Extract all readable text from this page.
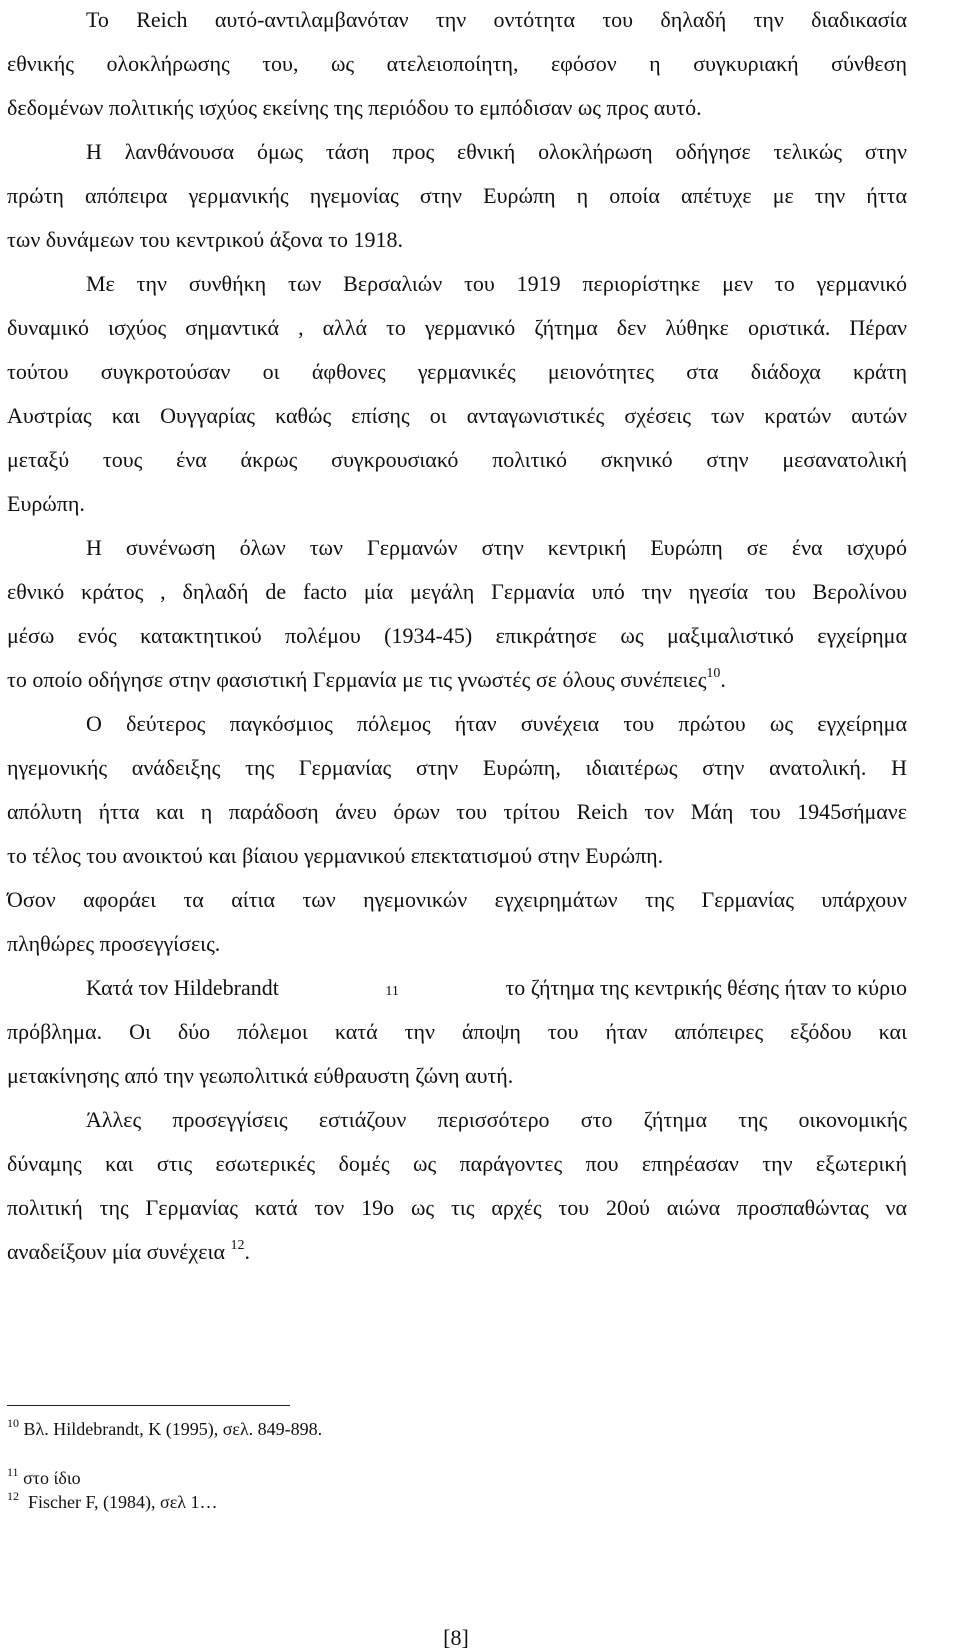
Το Reich αυτό-αντιλαμβανόταν την οντότητα του δηλαδή την διαδικασία
εθνικής ολοκλήρωσης του, ως ατελειοποίητη, εφόσον η συγκυριακή σύνθεση
δεδομένων πολιτικής ισχύος εκείνης της περιόδου το εμπόδισαν ως προς αυτό.
Η λανθάνουσα όμως τάση προς εθνική ολοκλήρωση οδήγησε τελικώς στην
πρώτη απόπειρα γερμανικής ηγεμονίας στην Ευρώπη η οποία απέτυχε με την ήττα
των δυνάμεων του κεντρικού άξονα το 1918.
Με την συνθήκη των Βερσαλιών του 1919 περιορίστηκε μεν το γερμανικό
δυναμικό ισχύος σημαντικά , αλλά το γερμανικό ζήτημα δεν λύθηκε οριστικά. Πέραν
τούτου συγκροτούσαν οι άφθονες γερμανικές μειονότητες στα διάδοχα κράτη
Αυστρίας και Ουγγαρίας καθώς επίσης οι ανταγωνιστικές σχέσεις των κρατών αυτών
μεταξύ τους ένα άκρως συγκρουσιακό πολιτικό σκηνικό στην μεσανατολική
Ευρώπη.
Η συνένωση όλων των Γερμανών στην κεντρική Ευρώπη σε ένα ισχυρό
εθνικό κράτος , δηλαδή de facto μία μεγάλη Γερμανία υπό την ηγεσία του Βερολίνου
μέσω ενός κατακτητικού πολέμου (1934-45) επικράτησε ως μαξιμαλιστικό εγχείρημα
το οποίο οδήγησε στην φασιστική Γερμανία με τις γνωστές σε όλους συνέπειες$^{10}$.
Ο δεύτερος παγκόσμιος πόλεμος ήταν συνέχεια του πρώτου ως εγχείρημα
ηγεμονικής ανάδειξης της Γερμανίας στην Ευρώπη, ιδιαιτέρως στην ανατολική. Η
απόλυτη ήττα και η παράδοση άνευ όρων του τρίτου Reich τον Μάη του 1945σήμανε
το τέλος του ανοικτού και βίαιου γερμανικού επεκτατισμού στην Ευρώπη.
Όσον αφοράει τα αίτια των ηγεμονικών εγχειρημάτων της Γερμανίας υπάρχουν
πληθώρες προσεγγίσεις.
Κατά τον Hildebrandt	11	το ζήτημα της κεντρικής θέσης ήταν το κύριο
πρόβλημα. Οι δύο πόλεμοι κατά την άποψη του ήταν απόπειρες εξόδου και
μετακίνησης από την γεωπολιτικά εύθραυστη ζώνη αυτή.
Άλλες προσεγγίσεις εστιάζουν περισσότερο στο ζήτημα της οικονομικής
δύναμης και στις εσωτερικές δομές ως παράγοντες που επηρέασαν την εξωτερική
πολιτική της Γερμανίας κατά τον 19ο ως τις αρχές του 20ού αιώνα προσπαθώντας να
αναδείξουν μία συνέχεια $^{12}$.
$^{10}$ Βλ. Hildebrandt, K (1995), σελ. 849-898.
$^{11}$ στο ίδιο
$^{12}$ Fischer F, (1984), σελ 1…
[8]
